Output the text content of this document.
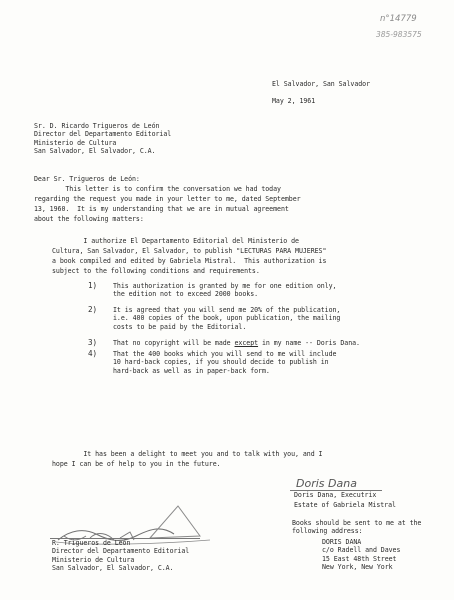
n°14779
385-983575
El Salvador, San Salvador
May 2, 1961
Sr. D. Ricardo Trigueros de León
Director del Departamento Editorial
Ministerio de Cultura
San Salvador, El Salvador, C.A.
Dear Sr. Trigueros de León:
This letter is to confirm the conversation we had today
regarding the request you made in your letter to me, dated September
13, 1960.  It is my understanding that we are in mutual agreement
about the following matters:
I authorize El Departamento Editorial del Ministerio de
Cultura, San Salvador, El Salvador, to publish "LECTURAS PARA MUJERES"
a book compiled and edited by Gabriela Mistral.  This authorization is
subject to the following conditions and requirements.
1) This authorization is granted by me for one edition only,
the edition not to exceed 2000 books.
2) It is agreed that you will send me 20% of the publication,
i.e. 400 copies of the book, upon publication, the mailing
costs to be paid by the Editorial.
3) That no copyright will be made except in my name -- Doris Dana.
4) That the 400 books which you will send to me will include
10 hard-back copies, if you should decide to publish in
hard-back as well as in paper-back form.
It has been a delight to meet you and to talk with you, and I
hope I can be of help to you in the future.
Doris Dana
Doris Dana, Executrix
Estate of Gabriela Mistral
R. Trigueros de León
Director del Departamento Editorial
Ministerio de Cultura
San Salvador, El Salvador, C.A.
Books should be sent to me at the
following address:
DORIS DANA
c/o Radell and Daves
15 East 48th Street
New York, New York
